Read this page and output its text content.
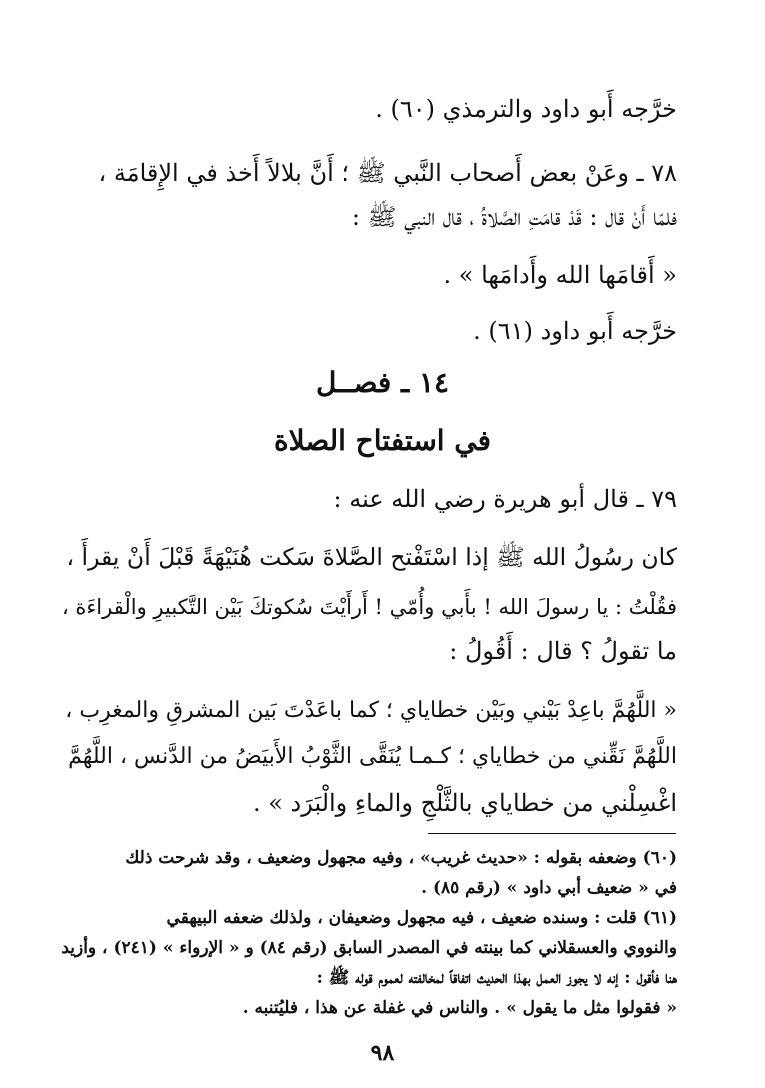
خرَّجه أَبو داود والترمذي (٦٠) .
٧٨ ـ وعَنْ بعض أَصحاب النَّبي ﷺ ؛ أَنَّ بلالاً أَخذ في الإِقامَة ،
فلمّا أَنْ قال : قَدْ قامَتِ الصَّلاةُ ، قال النبي ﷺ :
« أَقامَها الله وأَدامَها » .
خرَّجه أَبو داود (٦١) .
١٤ ـ فصــل
في استفتاح الصلاة
٧٩ ـ قال أبو هريرة رضي الله عنه :
كان رسُولُ الله ﷺ إذا اسْتَفْتح الصَّلاةَ سَكت هُنَيْهَةً قَبْلَ أَنْ يقرأَ ،
فقُلْتُ : يا رسولَ الله ! بأَبي وأُمّي ! أَرأَيْتَ سُكوتكَ بَيْن التَّكبيرِ والْقراءَة ،
ما تقولُ ؟ قال : أَقُولُ :
« اللَّهُمَّ باعِدْ بَيْني وبَيْن خطاياي ؛ كما باعَدْتَ بَين المشرقِ والمغرِب ،
اللَّهُمَّ نَقِّني من خطاياي ؛ كـمـا يُنَقَّى الثَّوْبُ الأَبيَضُ من الدَّنس ، اللَّهُمَّ
اغْسِلْني من خطاياي بالثَّلْجِ والماءِ والْبَرَد » .
(٦٠) وضعفه بقوله : «حديث غريب» ، وفيه مجهول وضعيف ، وقد شرحت ذلك
في « ضعيف أبي داود » (رقم ٨٥) .
(٦١) قلت : وسنده ضعيف ، فيه مجهول وضعيفان ، ولذلك ضعفه البيهقي
والنووي والعسقلاني كما بينته في المصدر السابق (رقم ٨٤) و « الإرواء » (٢٤١) ، وأزيد
هنا فأقول : إنه لا يجوز العمل بهذا الحديث اتفاقاً لمخالفته لعموم قوله ﷺ :
« فقولوا مثل ما يقول » . والناس في غفلة عن هذا ، فليُتنبه .
٩٨
